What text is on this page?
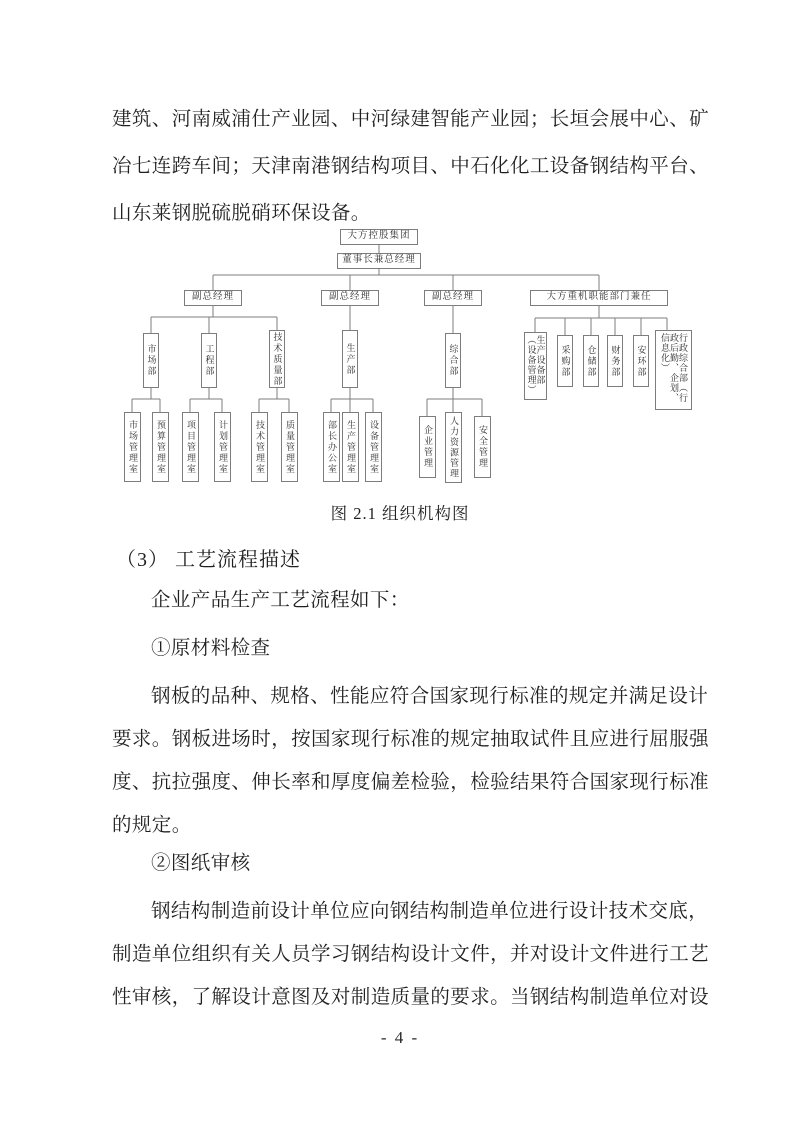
建筑、河南威浦仕产业园、中河绿建智能产业园；长垣会展中心、矿
冶七连跨车间；天津南港钢结构项目、中石化化工设备钢结构平台、
山东莱钢脱硫脱硝环保设备。
大方控股集团
董事长兼总经理
副总经理	副总经理	副总经理	大方重机职能部门兼任
市场部	工程部	技术质量部	生产部	综合部	生产设备部（设备管理）	采购部 仓储部 财务部 安环部	行政综合部（行政后勤、企划、信息化）
市场管理室 预算管理室 项目管理室 计划管理室	技术管理室 质量管理室	部长办公室 生产管理室 设备管理室	企业管理 人力资源管理 安全管理
图 2.1 组织机构图
（3） 工艺流程描述
企业产品生产工艺流程如下：
①原材料检查
钢板的品种、规格、性能应符合国家现行标准的规定并满足设计
要求。钢板进场时，按国家现行标准的规定抽取试件且应进行屈服强
度、抗拉强度、伸长率和厚度偏差检验，检验结果符合国家现行标准
的规定。
②图纸审核
钢结构制造前设计单位应向钢结构制造单位进行设计技术交底，
制造单位组织有关人员学习钢结构设计文件，并对设计文件进行工艺
性审核，了解设计意图及对制造质量的要求。当钢结构制造单位对设
- 4 -
